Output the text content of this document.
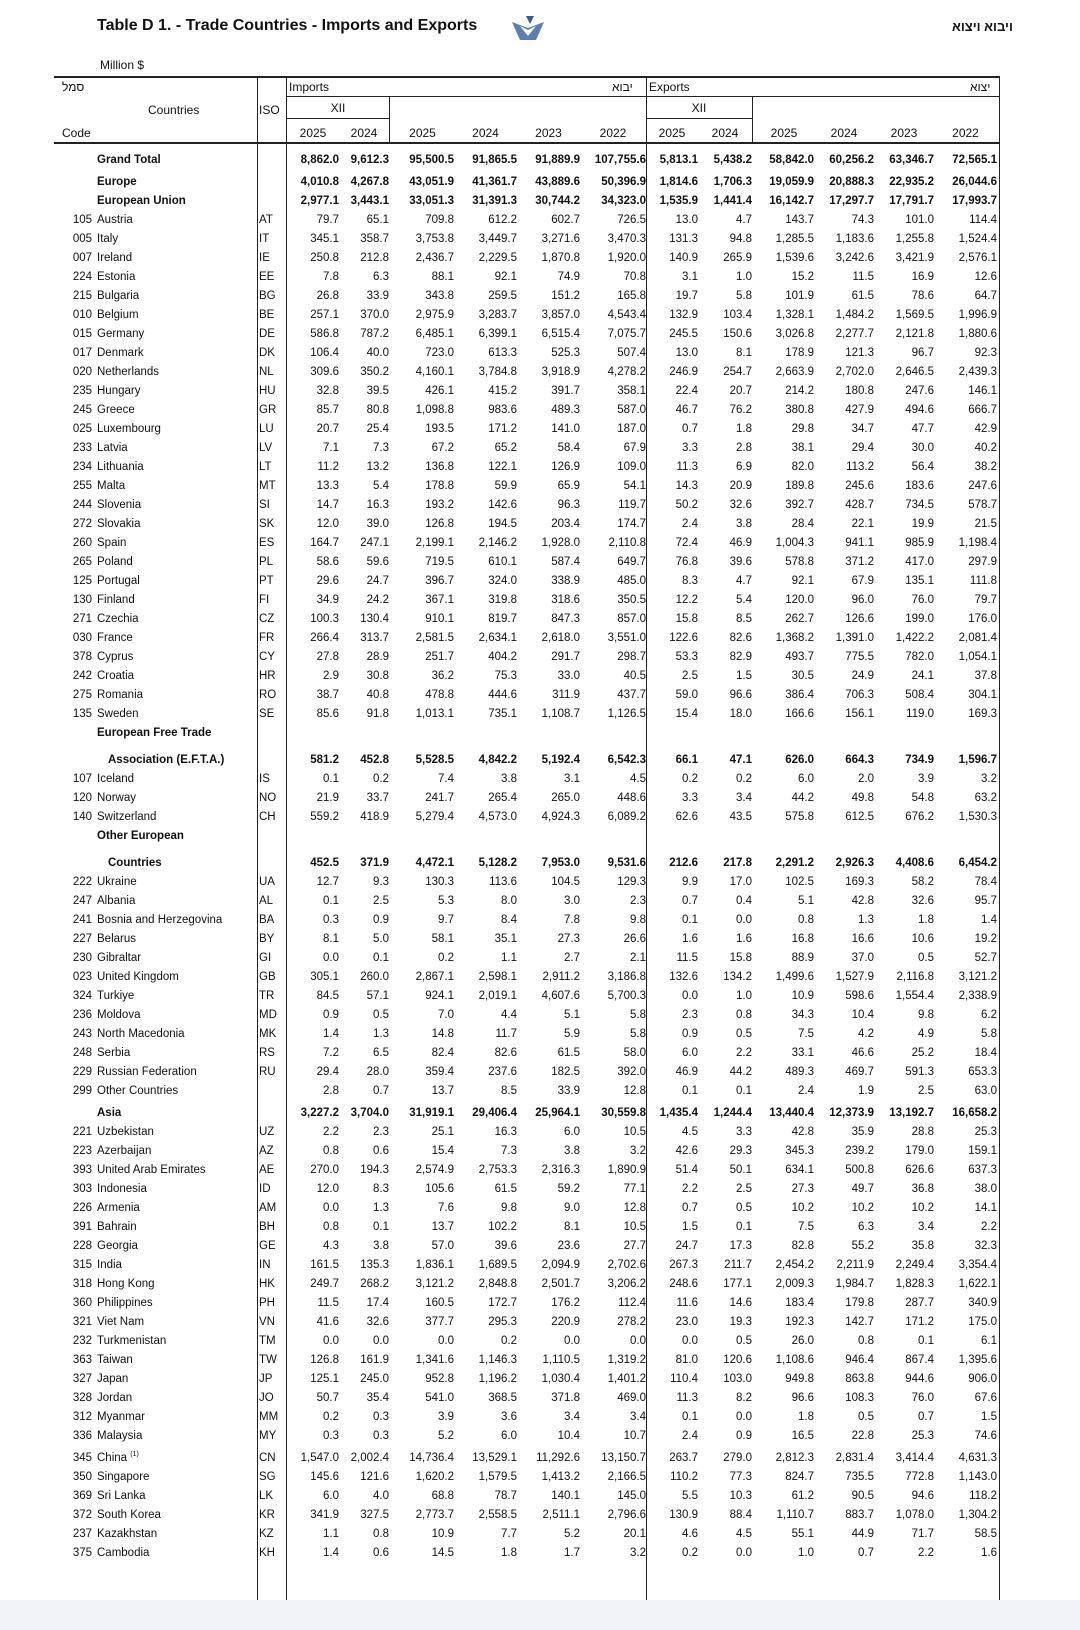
Table D 1. - Trade Countries - Imports and Exports	ויבוא ויצוא
Million $
סמל	Imports	יבוא Exports	יצוא
Countries	ISO
Code
XII	XII
2025	2024	2025	2024	2023	2022	2025	2024	2025	2024	2023	2022
Grand Total	8,862.0	9,612.3	95,500.5	91,865.5	91,889.9	107,755.6	5,813.1	5,438.2	58,842.0	60,256.2	63,346.7	72,565.1
Europe	4,010.8	4,267.8	43,051.9	41,361.7	43,889.6	50,396.9	1,814.6	1,706.3	19,059.9	20,888.3	22,935.2	26,044.6
European Union	2,977.1	3,443.1	33,051.3	31,391.3	30,744.2	34,323.0	1,535.9	1,441.4	16,142.7	17,297.7	17,791.7	17,993.7
105 Austria	AT	79.7	65.1	709.8	612.2	602.7	726.5	13.0	4.7	143.7	74.3	101.0	114.4
005 Italy	IT	345.1	358.7	3,753.8	3,449.7	3,271.6	3,470.3	131.3	94.8	1,285.5	1,183.6	1,255.8	1,524.4
007 Ireland	IE	250.8	212.8	2,436.7	2,229.5	1,870.8	1,920.0	140.9	265.9	1,539.6	3,242.6	3,421.9	2,576.1
224 Estonia	EE	7.8	6.3	88.1	92.1	74.9	70.8	3.1	1.0	15.2	11.5	16.9	12.6
215 Bulgaria	BG	26.8	33.9	343.8	259.5	151.2	165.8	19.7	5.8	101.9	61.5	78.6	64.7
010 Belgium	BE	257.1	370.0	2,975.9	3,283.7	3,857.0	4,543.4	132.9	103.4	1,328.1	1,484.2	1,569.5	1,996.9
015 Germany	DE	586.8	787.2	6,485.1	6,399.1	6,515.4	7,075.7	245.5	150.6	3,026.8	2,277.7	2,121.8	1,880.6
017 Denmark	DK	106.4	40.0	723.0	613.3	525.3	507.4	13.0	8.1	178.9	121.3	96.7	92.3
020 Netherlands	NL	309.6	350.2	4,160.1	3,784.8	3,918.9	4,278.2	246.9	254.7	2,663.9	2,702.0	2,646.5	2,439.3
235 Hungary	HU	32.8	39.5	426.1	415.2	391.7	358.1	22.4	20.7	214.2	180.8	247.6	146.1
245 Greece	GR	85.7	80.8	1,098.8	983.6	489.3	587.0	46.7	76.2	380.8	427.9	494.6	666.7
025 Luxembourg	LU	20.7	25.4	193.5	171.2	141.0	187.0	0.7	1.8	29.8	34.7	47.7	42.9
233 Latvia	LV	7.1	7.3	67.2	65.2	58.4	67.9	3.3	2.8	38.1	29.4	30.0	40.2
234 Lithuania	LT	11.2	13.2	136.8	122.1	126.9	109.0	11.3	6.9	82.0	113.2	56.4	38.2
255 Malta	MT	13.3	5.4	178.8	59.9	65.9	54.1	14.3	20.9	189.8	245.6	183.6	247.6
244 Slovenia	SI	14.7	16.3	193.2	142.6	96.3	119.7	50.2	32.6	392.7	428.7	734.5	578.7
272 Slovakia	SK	12.0	39.0	126.8	194.5	203.4	174.7	2.4	3.8	28.4	22.1	19.9	21.5
260 Spain	ES	164.7	247.1	2,199.1	2,146.2	1,928.0	2,110.8	72.4	46.9	1,004.3	941.1	985.9	1,198.4
265 Poland	PL	58.6	59.6	719.5	610.1	587.4	649.7	76.8	39.6	578.8	371.2	417.0	297.9
125 Portugal	PT	29.6	24.7	396.7	324.0	338.9	485.0	8.3	4.7	92.1	67.9	135.1	111.8
130 Finland	FI	34.9	24.2	367.1	319.8	318.6	350.5	12.2	5.4	120.0	96.0	76.0	79.7
271 Czechia	CZ	100.3	130.4	910.1	819.7	847.3	857.0	15.8	8.5	262.7	126.6	199.0	176.0
030 France	FR	266.4	313.7	2,581.5	2,634.1	2,618.0	3,551.0	122.6	82.6	1,368.2	1,391.0	1,422.2	2,081.4
378 Cyprus	CY	27.8	28.9	251.7	404.2	291.7	298.7	53.3	82.9	493.7	775.5	782.0	1,054.1
242 Croatia	HR	2.9	30.8	36.2	75.3	33.0	40.5	2.5	1.5	30.5	24.9	24.1	37.8
275 Romania	RO	38.7	40.8	478.8	444.6	311.9	437.7	59.0	96.6	386.4	706.3	508.4	304.1
135 Sweden	SE	85.6	91.8	1,013.1	735.1	1,108.7	1,126.5	15.4	18.0	166.6	156.1	119.0	169.3
European Free Trade
Association (E.F.T.A.)	581.2	452.8	5,528.5	4,842.2	5,192.4	6,542.3	66.1	47.1	626.0	664.3	734.9	1,596.7
107 Iceland	IS	0.1	0.2	7.4	3.8	3.1	4.5	0.2	0.2	6.0	2.0	3.9	3.2
120 Norway	NO	21.9	33.7	241.7	265.4	265.0	448.6	3.3	3.4	44.2	49.8	54.8	63.2
140 Switzerland	CH	559.2	418.9	5,279.4	4,573.0	4,924.3	6,089.2	62.6	43.5	575.8	612.5	676.2	1,530.3
Other European
Countries	452.5	371.9	4,472.1	5,128.2	7,953.0	9,531.6	212.6	217.8	2,291.2	2,926.3	4,408.6	6,454.2
222 Ukraine	UA	12.7	9.3	130.3	113.6	104.5	129.3	9.9	17.0	102.5	169.3	58.2	78.4
247 Albania	AL	0.1	2.5	5.3	8.0	3.0	2.3	0.7	0.4	5.1	42.8	32.6	95.7
241 Bosnia and Herzegovina	BA	0.3	0.9	9.7	8.4	7.8	9.8	0.1	0.0	0.8	1.3	1.8	1.4
227 Belarus	BY	8.1	5.0	58.1	35.1	27.3	26.6	1.6	1.6	16.8	16.6	10.6	19.2
230 Gibraltar	GI	0.0	0.1	0.2	1.1	2.7	2.1	11.5	15.8	88.9	37.0	0.5	52.7
023 United Kingdom	GB	305.1	260.0	2,867.1	2,598.1	2,911.2	3,186.8	132.6	134.2	1,499.6	1,527.9	2,116.8	3,121.2
324 Turkiye	TR	84.5	57.1	924.1	2,019.1	4,607.6	5,700.3	0.0	1.0	10.9	598.6	1,554.4	2,338.9
236 Moldova	MD	0.9	0.5	7.0	4.4	5.1	5.8	2.3	0.8	34.3	10.4	9.8	6.2
243 North Macedonia	MK	1.4	1.3	14.8	11.7	5.9	5.8	0.9	0.5	7.5	4.2	4.9	5.8
248 Serbia	RS	7.2	6.5	82.4	82.6	61.5	58.0	6.0	2.2	33.1	46.6	25.2	18.4
229 Russian Federation	RU	29.4	28.0	359.4	237.6	182.5	392.0	46.9	44.2	489.3	469.7	591.3	653.3
299 Other Countries	2.8	0.7	13.7	8.5	33.9	12.8	0.1	0.1	2.4	1.9	2.5	63.0
Asia	3,227.2	3,704.0	31,919.1	29,406.4	25,964.1	30,559.8	1,435.4	1,244.4	13,440.4	12,373.9	13,192.7	16,658.2
221 Uzbekistan	UZ	2.2	2.3	25.1	16.3	6.0	10.5	4.5	3.3	42.8	35.9	28.8	25.3
223 Azerbaijan	AZ	0.8	0.6	15.4	7.3	3.8	3.2	42.6	29.3	345.3	239.2	179.0	159.1
393 United Arab Emirates	AE	270.0	194.3	2,574.9	2,753.3	2,316.3	1,890.9	51.4	50.1	634.1	500.8	626.6	637.3
303 Indonesia	ID	12.0	8.3	105.6	61.5	59.2	77.1	2.2	2.5	27.3	49.7	36.8	38.0
226 Armenia	AM	0.0	1.3	7.6	9.8	9.0	12.8	0.7	0.5	10.2	10.2	10.2	14.1
391 Bahrain	BH	0.8	0.1	13.7	102.2	8.1	10.5	1.5	0.1	7.5	6.3	3.4	2.2
228 Georgia	GE	4.3	3.8	57.0	39.6	23.6	27.7	24.7	17.3	82.8	55.2	35.8	32.3
315 India	IN	161.5	135.3	1,836.1	1,689.5	2,094.9	2,702.6	267.3	211.7	2,454.2	2,211.9	2,249.4	3,354.4
318 Hong Kong	HK	249.7	268.2	3,121.2	2,848.8	2,501.7	3,206.2	248.6	177.1	2,009.3	1,984.7	1,828.3	1,622.1
360 Philippines	PH	11.5	17.4	160.5	172.7	176.2	112.4	11.6	14.6	183.4	179.8	287.7	340.9
321 Viet Nam	VN	41.6	32.6	377.7	295.3	220.9	278.2	23.0	19.3	192.3	142.7	171.2	175.0
232 Turkmenistan	TM	0.0	0.0	0.0	0.2	0.0	0.0	0.0	0.5	26.0	0.8	0.1	6.1
363 Taiwan	TW	126.8	161.9	1,341.6	1,146.3	1,110.5	1,319.2	81.0	120.6	1,108.6	946.4	867.4	1,395.6
327 Japan	JP	125.1	245.0	952.8	1,196.2	1,030.4	1,401.2	110.4	103.0	949.8	863.8	944.6	906.0
328 Jordan	JO	50.7	35.4	541.0	368.5	371.8	469.0	11.3	8.2	96.6	108.3	76.0	67.6
312 Myanmar	MM	0.2	0.3	3.9	3.6	3.4	3.4	0.1	0.0	1.8	0.5	0.7	1.5
336 Malaysia	MY	0.3	0.3	5.2	6.0	10.4	10.7	2.4	0.9	16.5	22.8	25.3	74.6
345 China $^{(1)}$	CN	1,547.0	2,002.4	14,736.4	13,529.1	11,292.6	13,150.7	263.7	279.0	2,812.3	2,831.4	3,414.4	4,631.3
350 Singapore	SG	145.6	121.6	1,620.2	1,579.5	1,413.2	2,166.5	110.2	77.3	824.7	735.5	772.8	1,143.0
369 Sri Lanka	LK	6.0	4.0	68.8	78.7	140.1	145.0	5.5	10.3	61.2	90.5	94.6	118.2
372 South Korea	KR	341.9	327.5	2,773.7	2,558.5	2,511.1	2,796.6	130.9	88.4	1,110.7	883.7	1,078.0	1,304.2
237 Kazakhstan	KZ	1.1	0.8	10.9	7.7	5.2	20.1	4.6	4.5	55.1	44.9	71.7	58.5
375 Cambodia	KH	1.4	0.6	14.5	1.8	1.7	3.2	0.2	0.0	1.0	0.7	2.2	1.6
